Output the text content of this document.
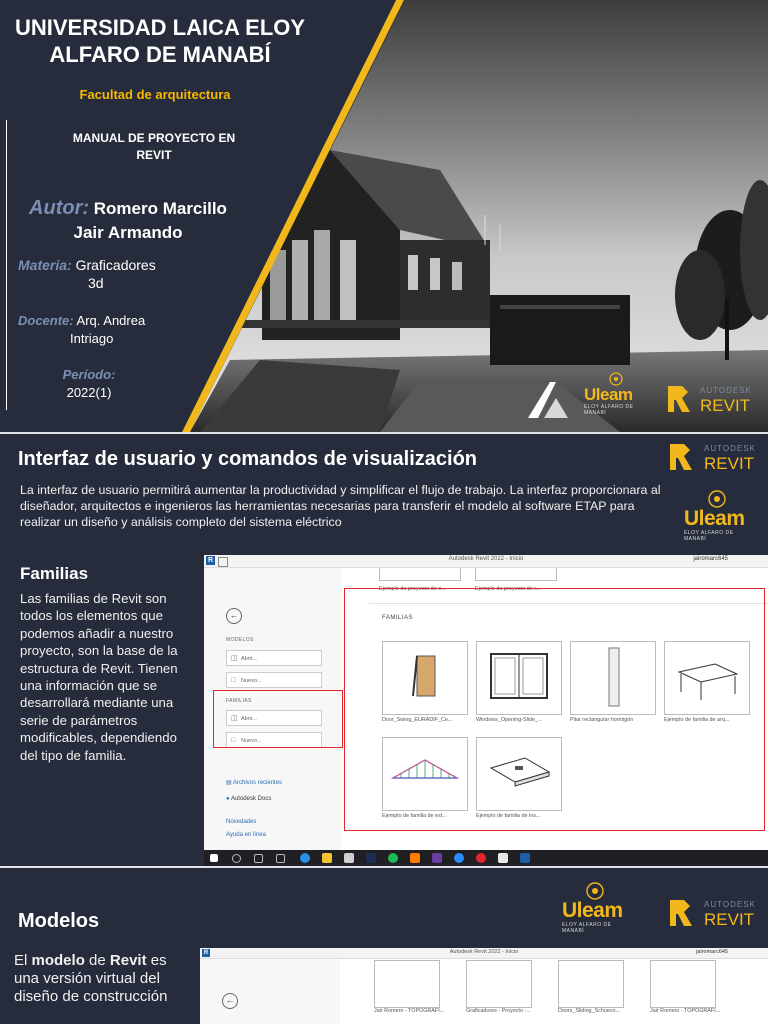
UNIVERSIDAD LAICA ELOY
ALFARO DE MANABÍ
Facultad de arquitectura
MANUAL DE PROYECTO EN
REVIT
Autor: Romero Marcillo
Jair Armando
Materia: Graficadores
3d
Docente: Arq. Andrea
Intriago
Período:
2022(1)	Uleam
ELOY ALFARO DE MANABÍ
AUTODESK
REVIT
Interfaz de usuario y comandos de visualización	AUTODESK
REVIT
Uleam
ELOY ALFARO DE MANABÍ
La interfaz de usuario permitirá aumentar la productividad y simplificar el flujo de trabajo. La interfaz proporcionara al diseñador, arquitectos e ingenieros las herramientas necesarias para transferir el modelo al software ETAP para realizar un diseño y análisis completo del sistema eléctrico
Familias
Las familias de Revit son todos los elementos que podemos añadir a nuestro proyecto, son la base de la estructura de Revit. Tienen una información que se desarrollará mediante una serie de parámetros modificables, dependiendo del tipo de familia.
R	Autodesk Revit 2022 - Inicio	jairomarc645
←
MODELOS
◫ Abrir...
□ Nuevo...
FAMILIAS
◫ Abrir...
□ Nuevo...
▤ Archivos recientes
● Autodesk Docs
Novedades
Ayuda en línea
Ejemplo de proyecto de e...	Ejemplo de proyecto de i...
FAMILIAS
Door_Swing_EURADIF_Ce...	Windows_Opening-Slide_...	Pilar rectangular hormigón	Ejemplo de familia de arq...
Ejemplo de familia de est...	Ejemplo de familia de ins...
Modelos	Uleam
ELOY ALFARO DE MANABÍ
AUTODESK
REVIT
El modelo de Revit es una versión virtual del diseño de construcción
R	Autodesk Revit 2022 - Inicio	jairomarc645
←
Jair Romero - TOPOGRAFI...	Graficadores - Proyecto -...	Doors_Sliding_Schueco...	Jair Romero - TOPOGRAFI...
